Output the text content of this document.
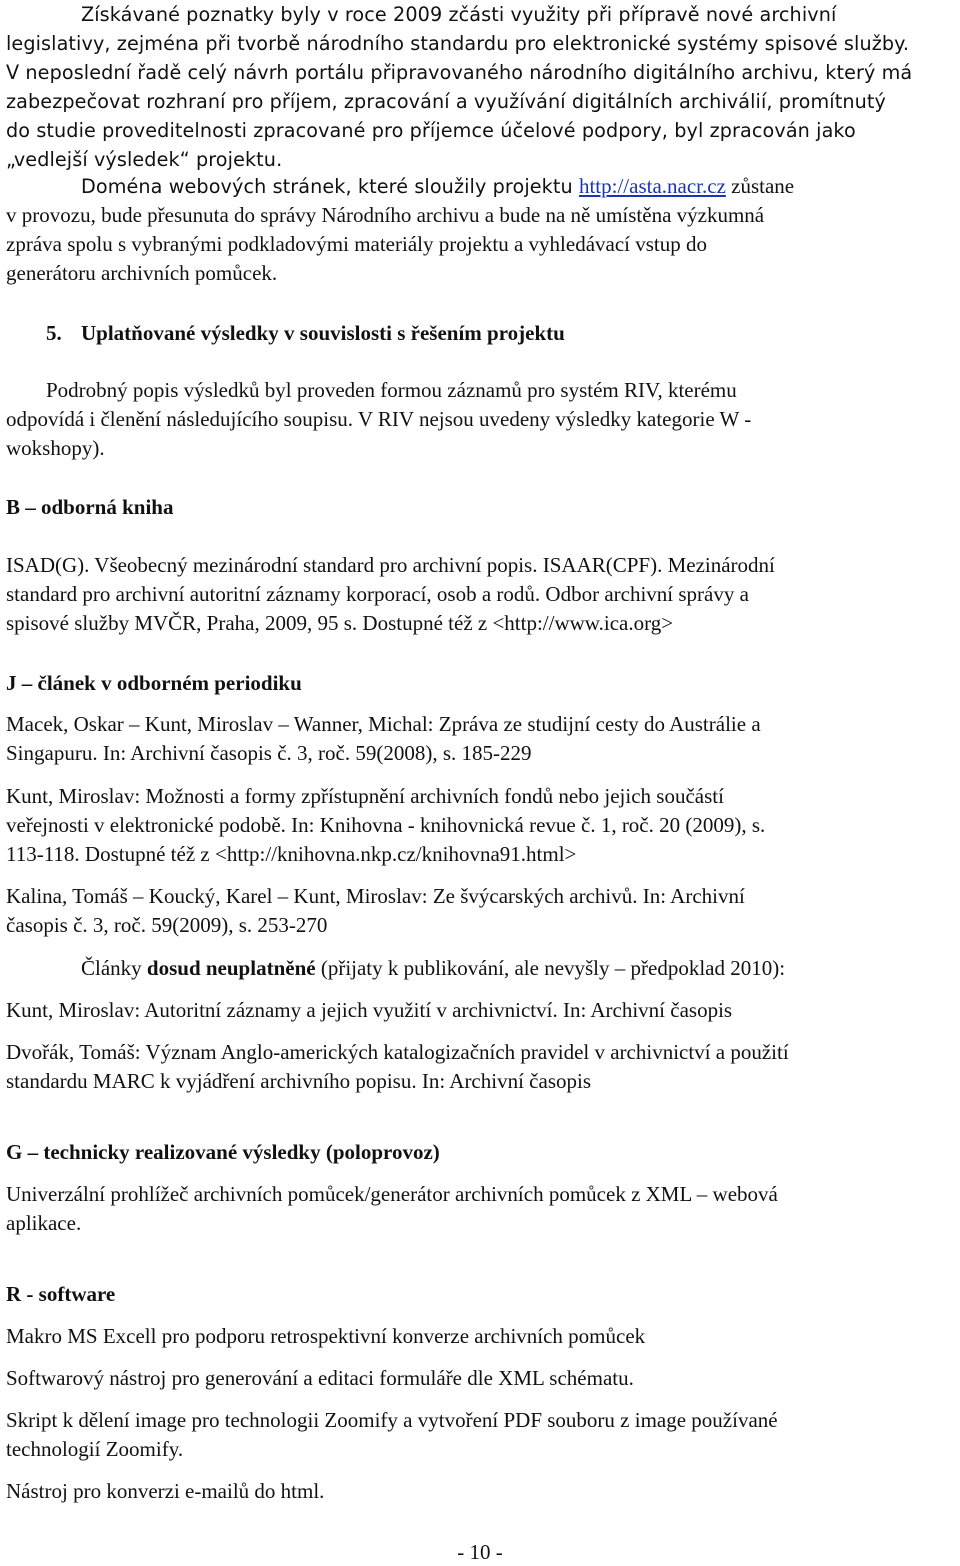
Získávané poznatky byly v roce 2009 zčásti využity při přípravě nové archivní

legislativy, zejména při tvorbě národního standardu pro elektronické systémy spisové služby.

V neposlední řadě celý návrh portálu připravovaného národního digitálního archivu, který má

zabezpečovat rozhraní pro příjem, zpracování a využívání digitálních archiválií, promítnutý

do studie proveditelnosti zpracované pro příjemce účelové podpory, byl zpracován jako

„vedlejší výsledek“ projektu.

Doména webových stránek, které sloužily projektu http://asta.nacr.cz zůstane

v provozu, bude přesunuta do správy Národního archivu a bude na ně umístěna výzkumná

zpráva spolu s vybranými podkladovými materiály projektu a vyhledávací vstup do

generátoru archivních pomůcek.

5. Uplatňované výsledky v souvislosti s řešením projektu

Podrobný popis výsledků byl proveden formou záznamů pro systém RIV, kterému

odpovídá i členění následujícího soupisu. V RIV nejsou uvedeny výsledky kategorie W -

wokshopy).

B – odborná kniha

ISAD(G). Všeobecný mezinárodní standard pro archivní popis. ISAAR(CPF). Mezinárodní

standard pro archivní autoritní záznamy korporací, osob a rodů. Odbor archivní správy a

spisové služby MVČR, Praha, 2009, 95 s. Dostupné též z <http://www.ica.org>

J – článek v odborném periodiku

Macek, Oskar – Kunt, Miroslav – Wanner, Michal: Zpráva ze studijní cesty do Austrálie a

Singapuru. In: Archivní časopis č. 3, roč. 59(2008), s. 185-229

Kunt, Miroslav: Možnosti a formy zpřístupnění archivních fondů nebo jejich součástí

veřejnosti v elektronické podobě. In: Knihovna - knihovnická revue č. 1, roč. 20 (2009), s.

113-118. Dostupné též z <http://knihovna.nkp.cz/knihovna91.html>

Kalina, Tomáš – Koucký, Karel – Kunt, Miroslav: Ze švýcarských archivů. In: Archivní

časopis č. 3, roč. 59(2009), s. 253-270

Články dosud neuplatněné (přijaty k publikování, ale nevyšly – předpoklad 2010):
Kunt, Miroslav: Autoritní záznamy a jejich využití v archivnictví. In: Archivní časopis

Dvořák, Tomáš: Význam Anglo-amerických katalogizačních pravidel v archivnictví a použití

standardu MARC k vyjádření archivního popisu. In: Archivní časopis

G – technicky realizované výsledky (poloprovoz)

Univerzální prohlížeč archivních pomůcek/generátor archivních pomůcek z XML – webová

aplikace.

R - software
Makro MS Excell pro podporu retrospektivní konverze archivních pomůcek
Softwarový nástroj pro generování a editaci formuláře dle XML schématu.

Skript k dělení image pro technologii Zoomify a vytvoření PDF souboru z image používané

technologií Zoomify.

Nástroj pro konverzi e-mailů do html.
- 10 -
